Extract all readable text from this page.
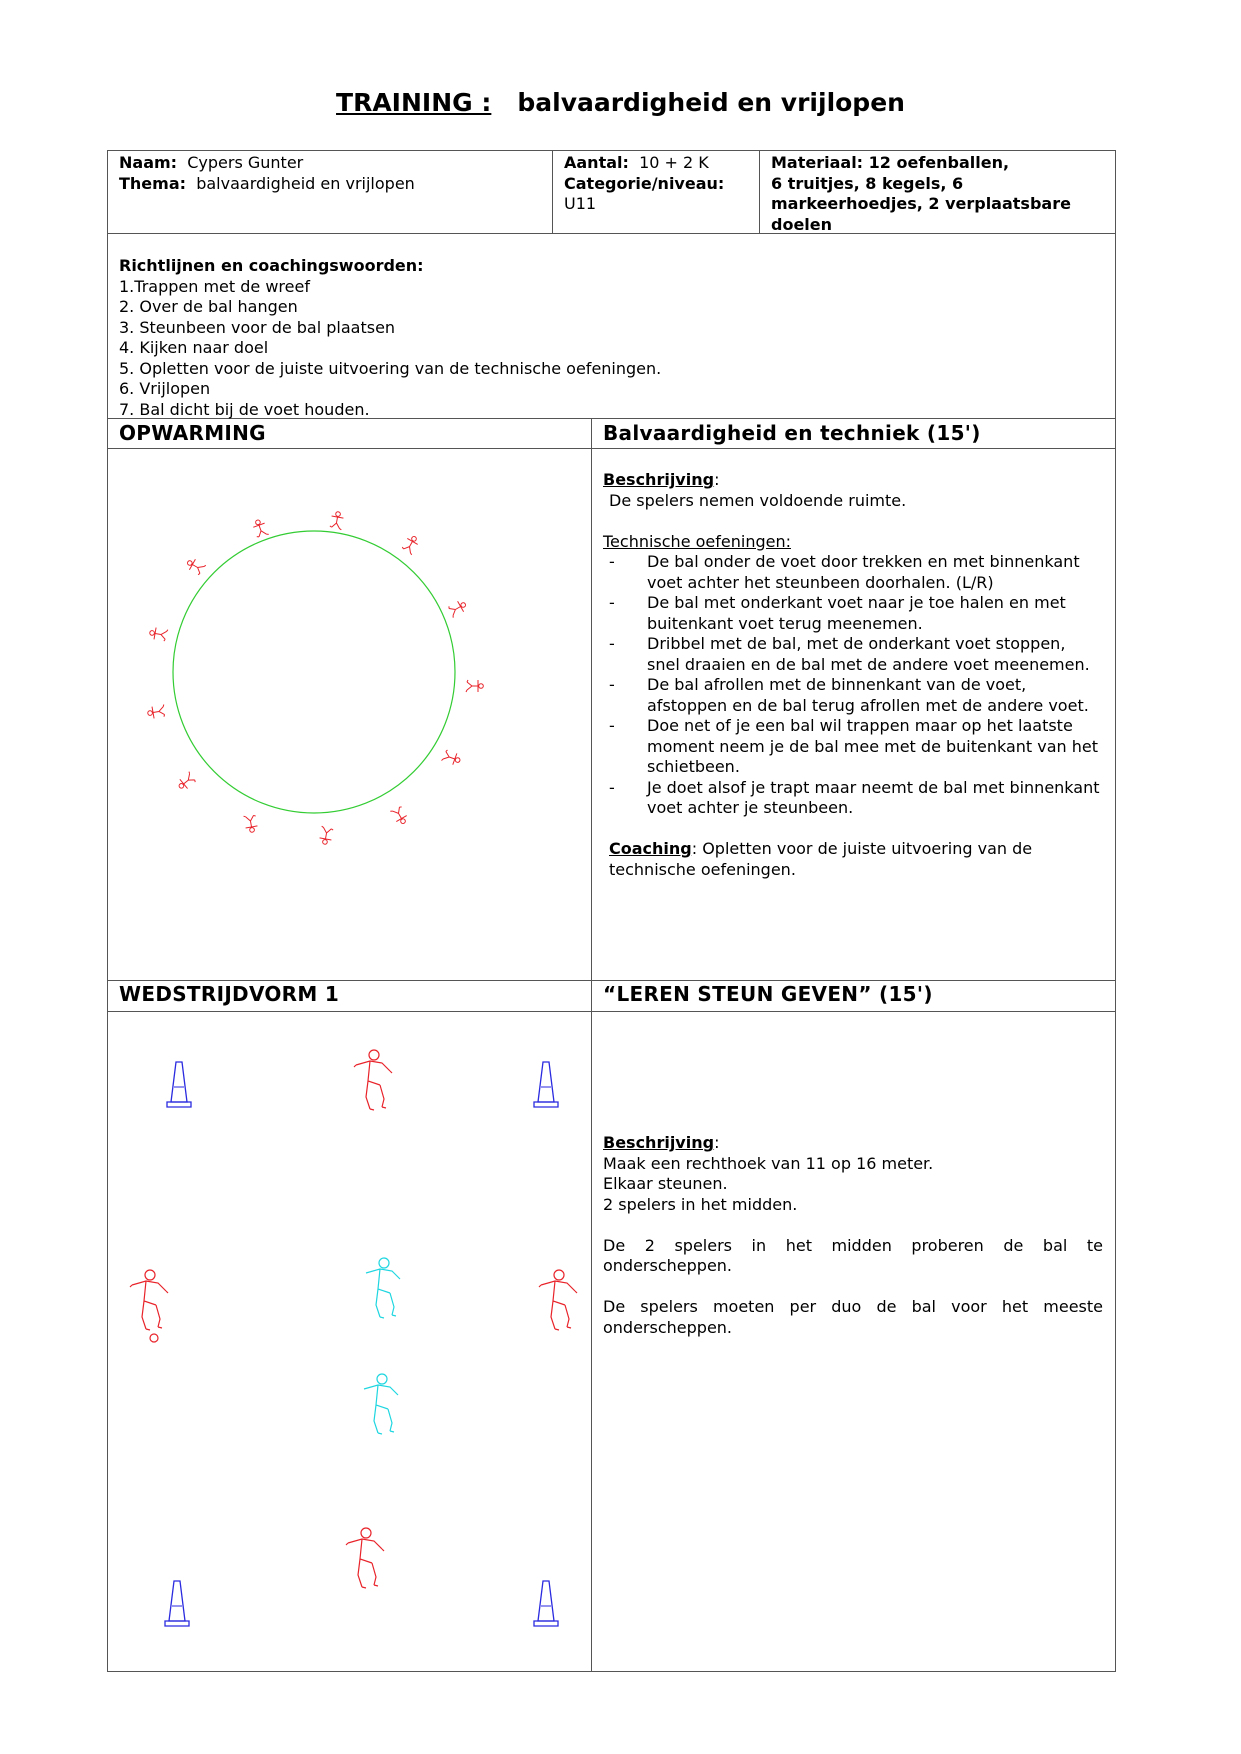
TRAINING : balvaardigheid en vrijlopen
Naam: Cypers Gunter
Thema: balvaardigheid en vrijlopen
Aantal: 10 + 2 K
Categorie/niveau:
U11
Materiaal: 12 oefenballen,
6 truitjes, 8 kegels, 6
markeerhoedjes, 2 verplaatsbare
doelen
Richtlijnen en coachingswoorden:
1.Trappen met de wreef
2. Over de bal hangen
3. Steunbeen voor de bal plaatsen
4. Kijken naar doel
5. Opletten voor de juiste uitvoering van de technische oefeningen.
6. Vrijlopen
7. Bal dicht bij de voet houden.
OPWARMING	Balvaardigheid en techniek (15')
Beschrijving:
De spelers nemen voldoende ruimte.
Technische oefeningen:
- De bal onder de voet door trekken en met binnenkant voet achter het steunbeen doorhalen. (L/R)
- De bal met onderkant voet naar je toe halen en met buitenkant voet terug meenemen.
- Dribbel met de bal, met de onderkant voet stoppen, snel draaien en de bal met de andere voet meenemen.
- De bal afrollen met de binnenkant van de voet, afstoppen en de bal terug afrollen met de andere voet.
- Doe net of je een bal wil trappen maar op het laatste moment neem je de bal mee met de buitenkant van het schietbeen.
- Je doet alsof je trapt maar neemt de bal met binnenkant voet achter je steunbeen.
Coaching: Opletten voor de juiste uitvoering van de technische oefeningen.
WEDSTRIJDVORM 1	“LEREN STEUN GEVEN” (15')
Beschrijving:
Maak een rechthoek van 11 op 16 meter.
Elkaar steunen.
2 spelers in het midden.
De 2 spelers in het midden proberen de bal te onderscheppen.
De spelers moeten per duo de bal voor het meeste onderscheppen.
